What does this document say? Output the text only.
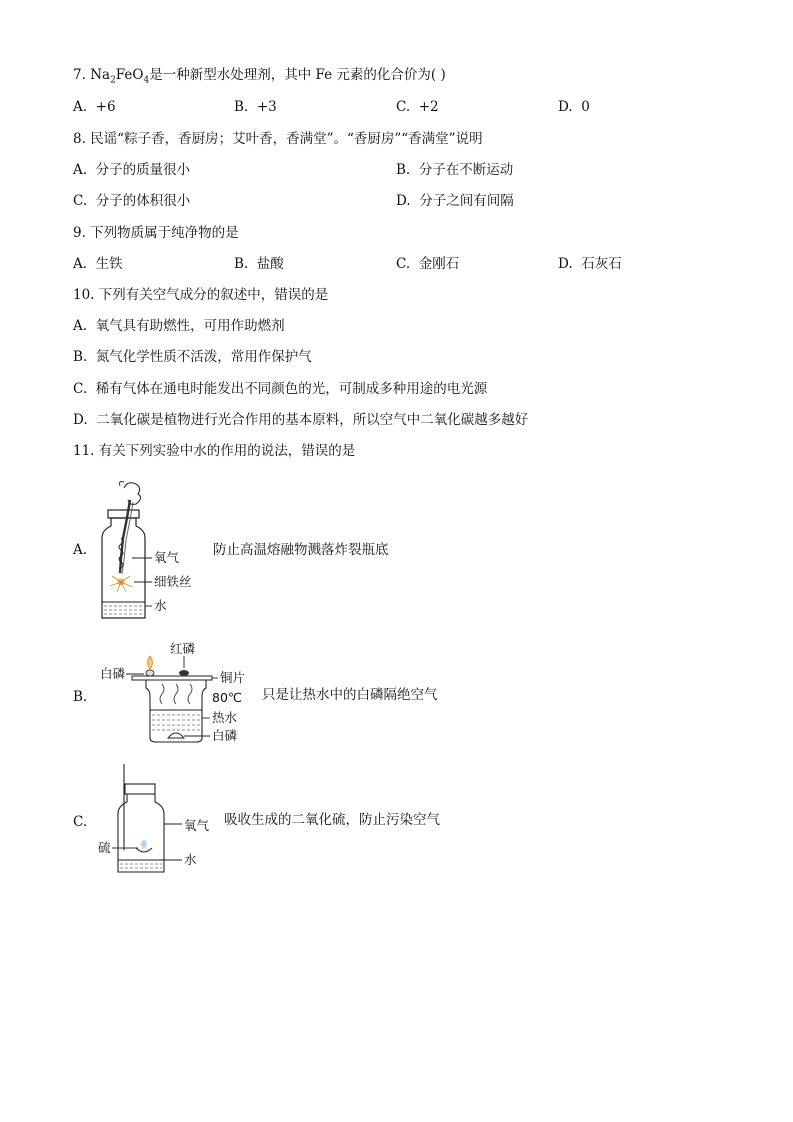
7. $Na_2FeO_4$是一种新型水处理剂，其中 Fe 元素的化合价为( )
A. +6	B. +3	C. +2	D. 0
8. 民谣“粽子香，香厨房；艾叶香，香满堂”。“香厨房”“香满堂”说明
A. 分子的质量很小	B. 分子在不断运动
C. 分子的体积很小	D. 分子之间有间隔
9. 下列物质属于纯净物的是
A. 生铁	B. 盐酸	C. 金刚石	D. 石灰石
10. 下列有关空气成分的叙述中，错误的是
A. 氧气具有助燃性，可用作助燃剂
B. 氮气化学性质不活泼，常用作保护气
C. 稀有气体在通电时能发出不同颜色的光，可制成多种用途的电光源
D. 二氧化碳是植物进行光合作用的基本原料，所以空气中二氧化碳越多越好
11. 有关下列实验中水的作用的说法，错误的是
A.	防止高温熔融物溅落炸裂瓶底
氧气
细铁丝
水
B.	只是让热水中的白磷隔绝空气
红磷
白磷	铜片
80℃
热水
白磷
C.	吸收生成的二氧化硫，防止污染空气
氧气
硫
水
